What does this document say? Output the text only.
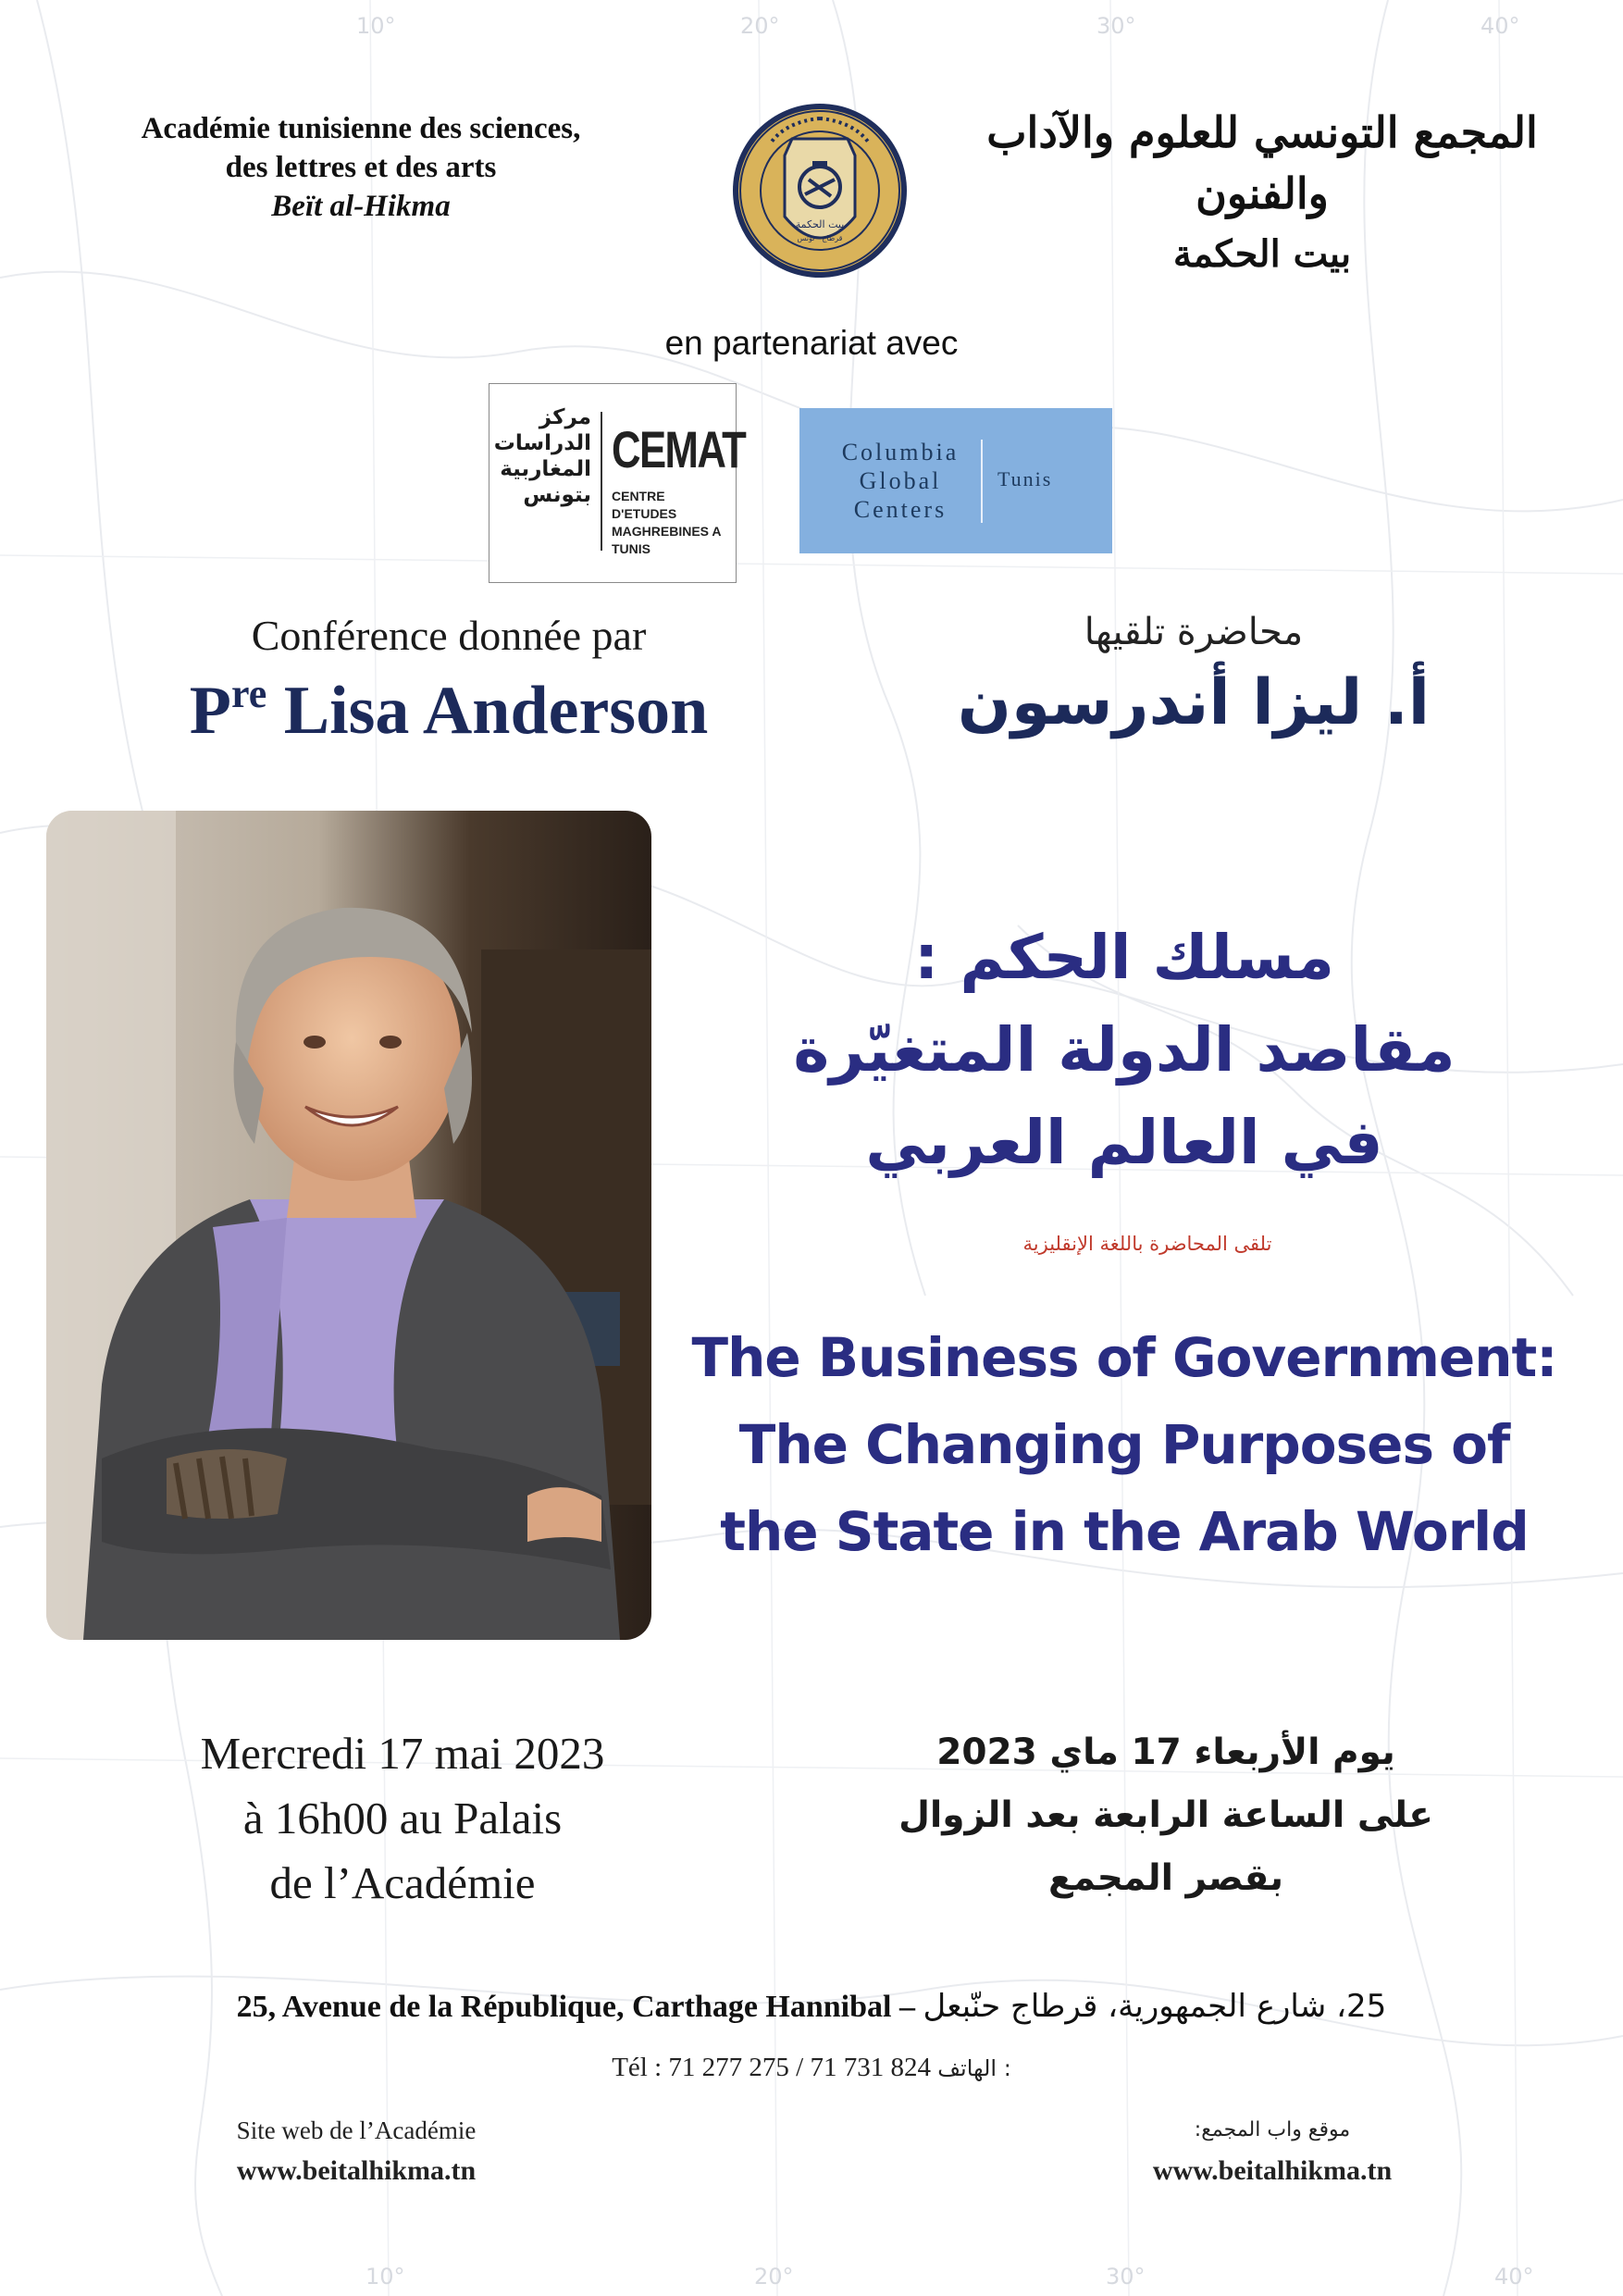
10°	20°	30°	40°
10°	20°	30°	40°
Académie tunisienne des sciences,
des lettres et des arts
Beït al-Hikma
بيت الحكمة
قرطاج - تونس
المجمع التونسي للعلوم والآداب والفنون
بيت الحكمة
en partenariat avec
مركز الدراسات المغاربية بتونس
CEMAT
CENTRE D'ETUDES
MAGHREBINES A TUNIS
Columbia
Global
Centers
Tunis
Conférence donnée par
$P^{re}$ Lisa Anderson
محاضرة تلقيها
أ. ليزا أندرسون
مسلك الحكم :
مقاصد الدولة المتغيّرة
في العالم العربي
تلقى المحاضرة باللغة الإنقليزية
The Business of Government:
The Changing Purposes of
the State in the Arab World
Mercredi 17 mai 2023
à 16h00 au Palais
de l’Académie
يوم الأربعاء 17 ماي 2023
على الساعة الرابعة بعد الزوال
بقصر المجمع
25, Avenue de la République, Carthage Hannibal – 25، شارع الجمهورية، قرطاج حنّبعل
Tél : 71 277 275 / 71 731 824 : الهاتف
Site web de l’Académie
www.beitalhikma.tn
موقع واب المجمع:
www.beitalhikma.tn
